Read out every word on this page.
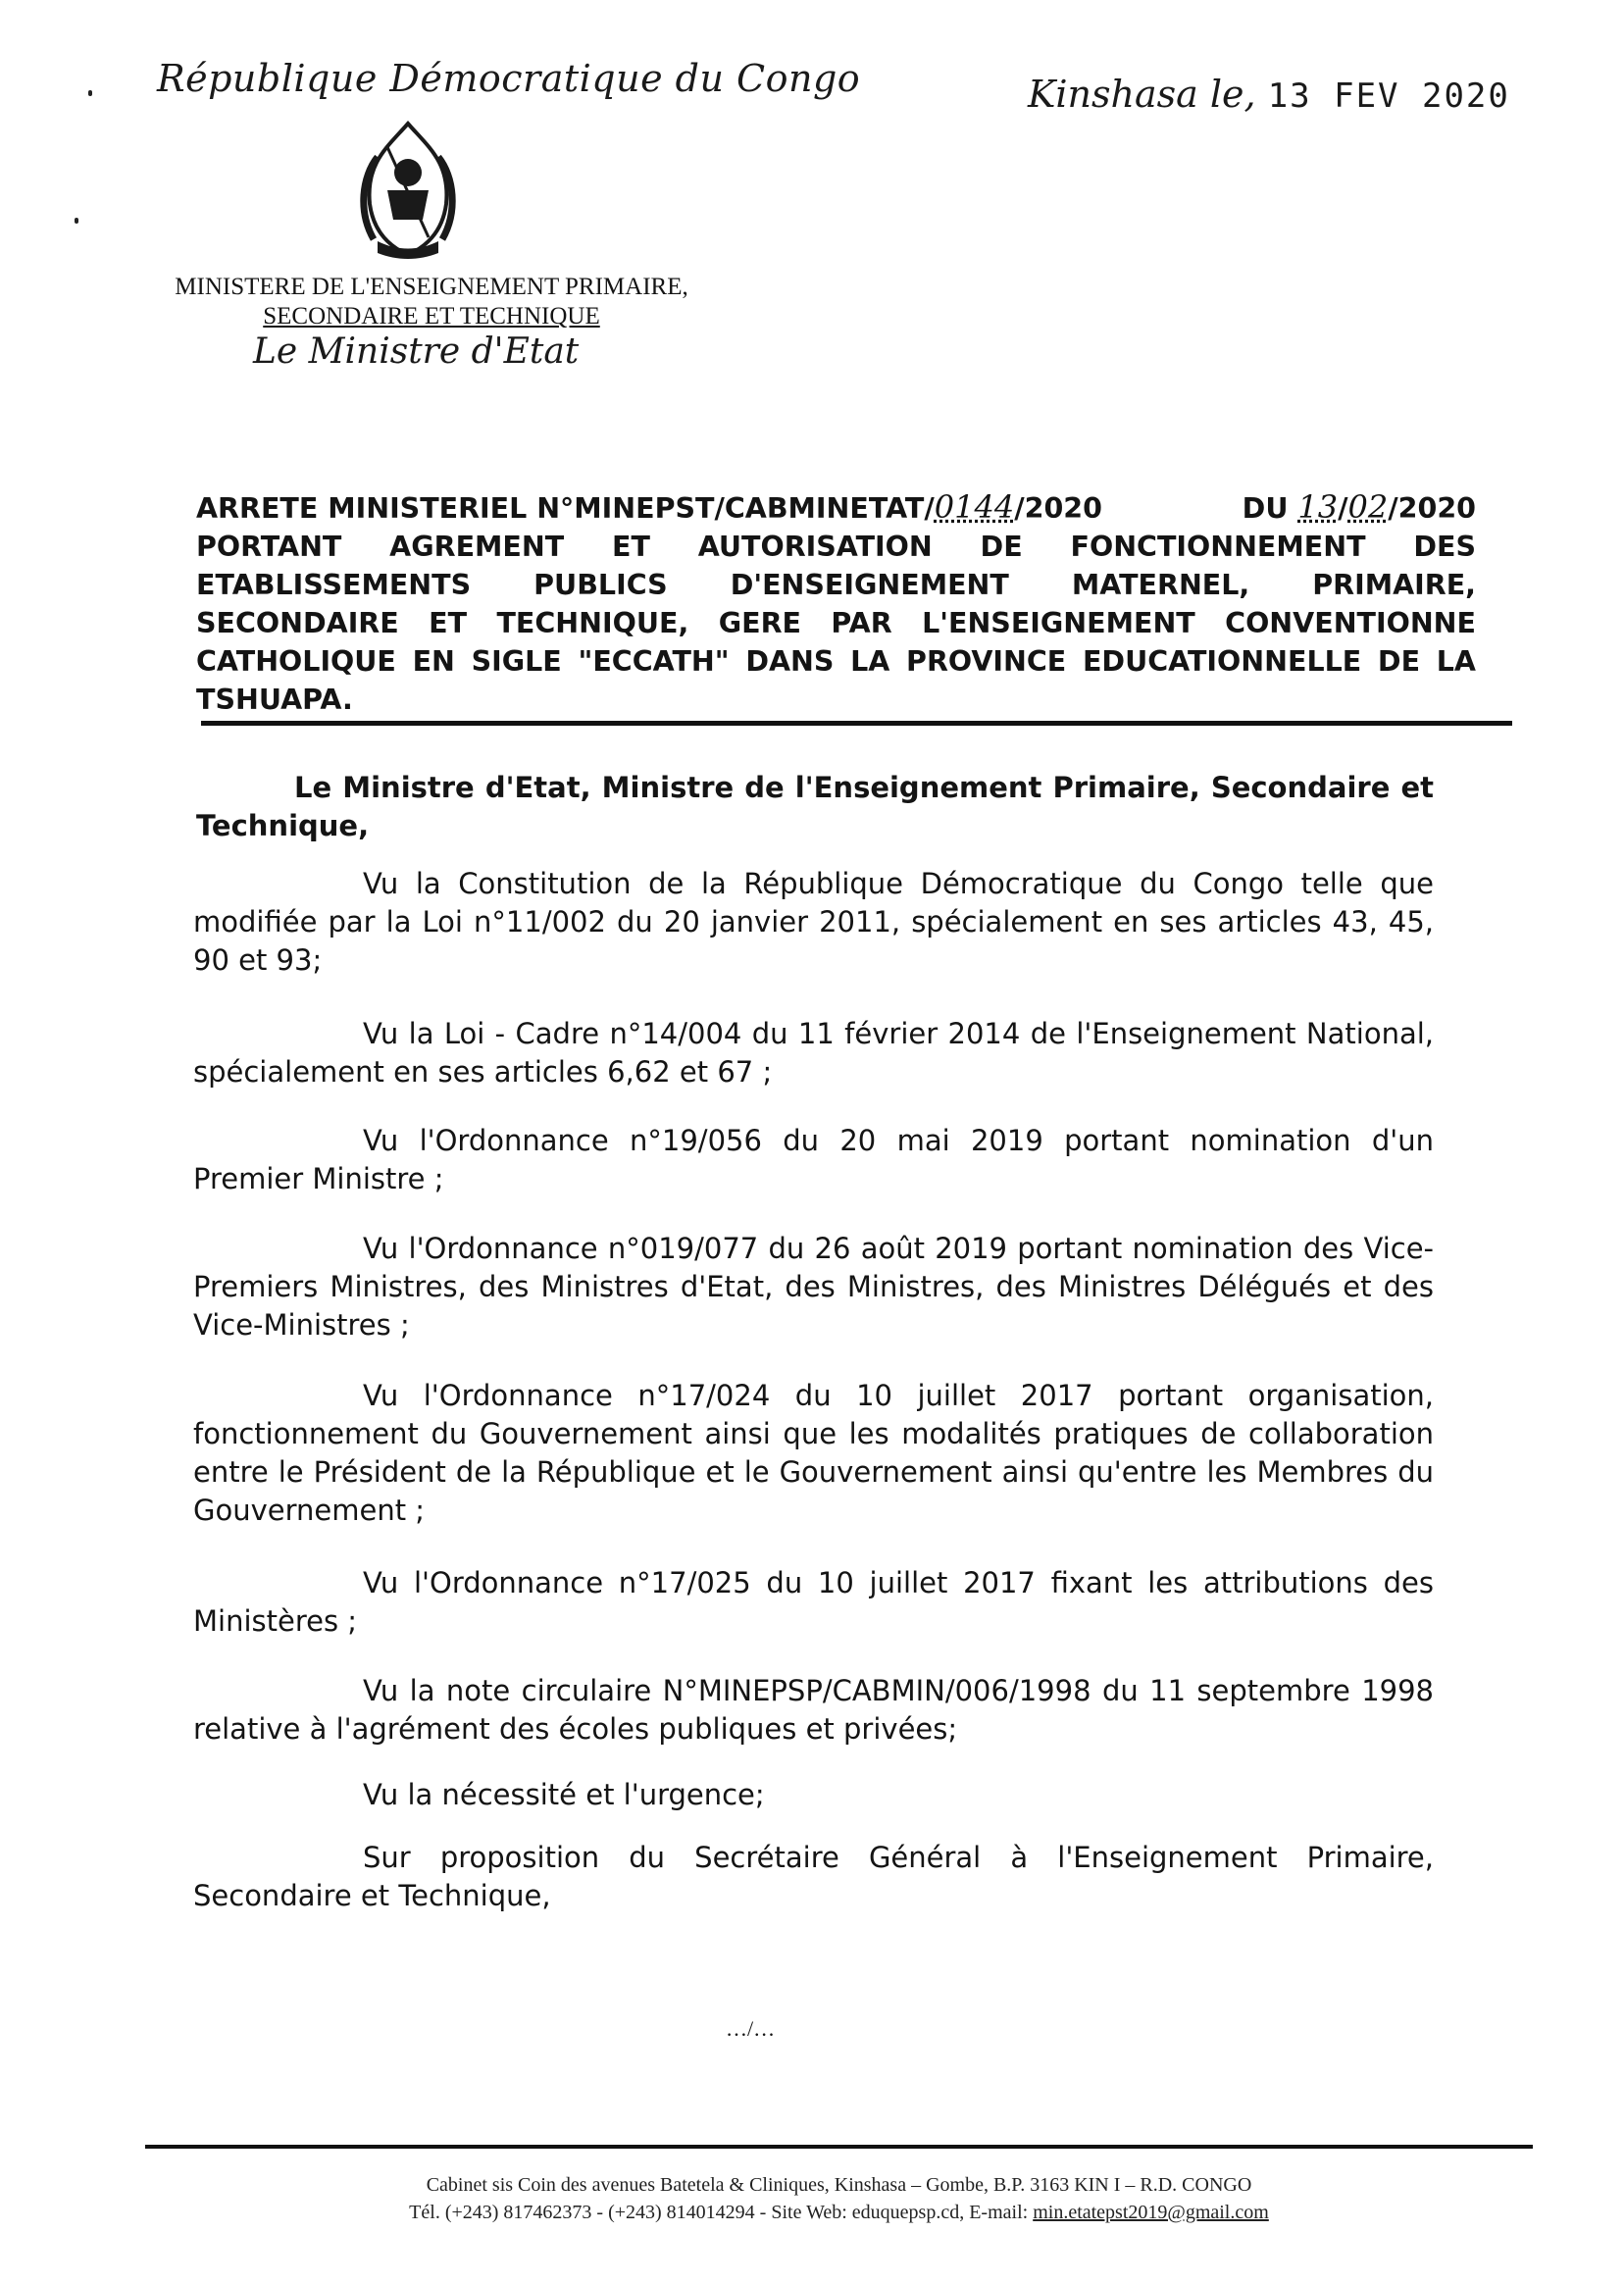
République Démocratique du Congo	Kinshasa le, 13 FEV 2020
MINISTERE DE L'ENSEIGNEMENT PRIMAIRE,
SECONDAIRE ET TECHNIQUE
Le Ministre d'Etat
ARRETE MINISTERIEL N°MINEPST/CABMINETAT/0144/2020	DU 13/02/2020
PORTANT AGREMENT ET AUTORISATION DE FONCTIONNEMENT DES ETABLISSEMENTS PUBLICS D'ENSEIGNEMENT MATERNEL, PRIMAIRE, SECONDAIRE ET TECHNIQUE, GERE PAR L'ENSEIGNEMENT CONVENTIONNE CATHOLIQUE EN SIGLE "ECCATH" DANS LA PROVINCE EDUCATIONNELLE DE LA TSHUAPA.
Le Ministre d'Etat, Ministre de l'Enseignement Primaire, Secondaire et Technique,

Vu la Constitution de la République Démocratique du Congo telle que modifiée par la Loi n°11/002 du 20 janvier 2011, spécialement en ses articles 43, 45, 90 et 93;

Vu la Loi - Cadre n°14/004 du 11 février 2014 de l'Enseignement National, spécialement en ses articles 6,62 et 67 ;

Vu l'Ordonnance n°19/056 du 20 mai 2019 portant nomination d'un Premier Ministre ;

Vu l'Ordonnance n°019/077 du 26 août 2019 portant nomination des Vice-Premiers Ministres, des Ministres d'Etat, des Ministres, des Ministres Délégués et des Vice-Ministres ;

Vu l'Ordonnance n°17/024 du 10 juillet 2017 portant organisation, fonctionnement du Gouvernement ainsi que les modalités pratiques de collaboration entre le Président de la République et le Gouvernement ainsi qu'entre les Membres du Gouvernement ;

Vu l'Ordonnance n°17/025 du 10 juillet 2017 fixant les attributions des Ministères ;

Vu la note circulaire N°MINEPSP/CABMIN/006/1998 du 11 septembre 1998 relative à l'agrément des écoles publiques et privées;

Vu la nécessité et l'urgence;

Sur proposition du Secrétaire Général à l'Enseignement Primaire, Secondaire et Technique,

…/…
Cabinet sis Coin des avenues Batetela & Cliniques, Kinshasa – Gombe, B.P. 3163 KIN I – R.D. CONGO
Tél. (+243) 817462373 - (+243) 814014294 - Site Web: eduquepsp.cd, E-mail: min.etatepst2019@gmail.com
